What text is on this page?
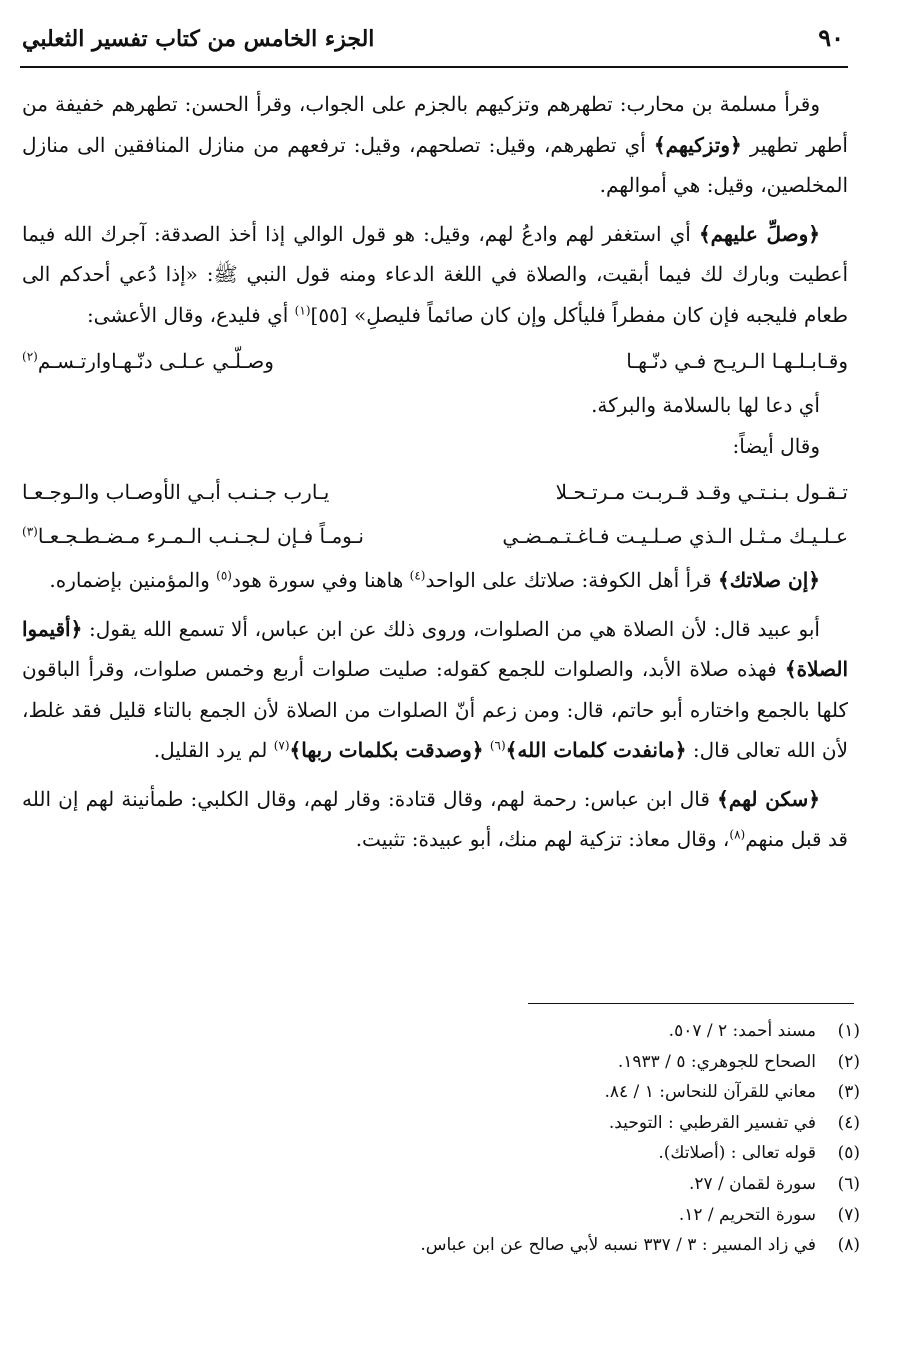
٩٠
الجزء الخامس من كتاب تفسير الثعلبي

وقرأ مسلمة بن محارب: تطهرهم وتزكيهم بالجزم على الجواب، وقرأ الحسن: تطهرهم خفيفة من أطهر تطهير ﴿وتزكيهم﴾ أي تطهرهم، وقيل: تصلحهم، وقيل: ترفعهم من منازل المنافقين الى منازل المخلصين، وقيل: هي أموالهم.

﴿وصلِّ عليهم﴾ أي استغفر لهم وادعُ لهم، وقيل: هو قول الوالي إذا أخذ الصدقة: آجرك الله فيما أعطيت وبارك لك فيما أبقيت، والصلاة في اللغة الدعاء ومنه قول النبي ﷺ: «إذا دُعي أحدكم الى طعام فليجبه فإن كان مفطراً فليأكل وإن كان صائماً فليصلِ» [٥٥]$^{(١)}$ أي فليدع، وقال الأعشى:

وقـابـلـهـا الـريـح فـي دنّـهـا
وصـلّـي عـلـى دنّـهـاوارتـسـم$^{(٢)}$

أي دعا لها بالسلامة والبركة.

وقال أيضاً:

تـقـول بـنـتـي وقـد قـربـت مـرتـحـلا
يـارب جـنـب أبـي الأوصـاب والـوجـعـا
عـلـيـك مـثـل الـذي صـلـيـت فـاغـتـمـضـي
نـومـاً فـإن لـجـنـب الـمـرء مـضـطـجـعـا$^{(٣)}$

﴿إن صلاتك﴾ قرأ أهل الكوفة: صلاتك على الواحد$^{(٤)}$ هاهنا وفي سورة هود$^{(٥)}$ والمؤمنين بإضماره.

أبو عبيد قال: لأن الصلاة هي من الصلوات، وروى ذلك عن ابن عباس، ألا تسمع الله يقول: ﴿أقيموا الصلاة﴾ فهذه صلاة الأبد، والصلوات للجمع كقوله: صليت صلوات أربع وخمس صلوات، وقرأ الباقون كلها بالجمع واختاره أبو حاتم، قال: ومن زعم أنّ الصلوات من الصلاة لأن الجمع بالتاء قليل فقد غلط، لأن الله تعالى قال: ﴿مانفدت كلمات الله﴾$^{(٦)}$ ﴿وصدقت بكلمات ربها﴾$^{(٧)}$ لم يرد القليل.

﴿سكن لهم﴾ قال ابن عباس: رحمة لهم، وقال قتادة: وقار لهم، وقال الكلبي: طمأنينة لهم إن الله قد قبل منهم$^{(٨)}$، وقال معاذ: تزكية لهم منك، أبو عبيدة: تثبيت.

(١)
مسند أحمد: ٢ / ٥٠٧.
(٢)
الصحاح للجوهري: ٥ / ١٩٣٣.
(٣)
معاني للقرآن للنحاس: ١ / ٨٤.
(٤)
في تفسير القرطبي : التوحيد.
(٥)
قوله تعالى : (أصلاتك).
(٦)
سورة لقمان / ٢٧.
(٧)
سورة التحريم / ١٢.
(٨)
في زاد المسير : ٣ / ٣٣٧ نسبه لأبي صالح عن ابن عباس.
